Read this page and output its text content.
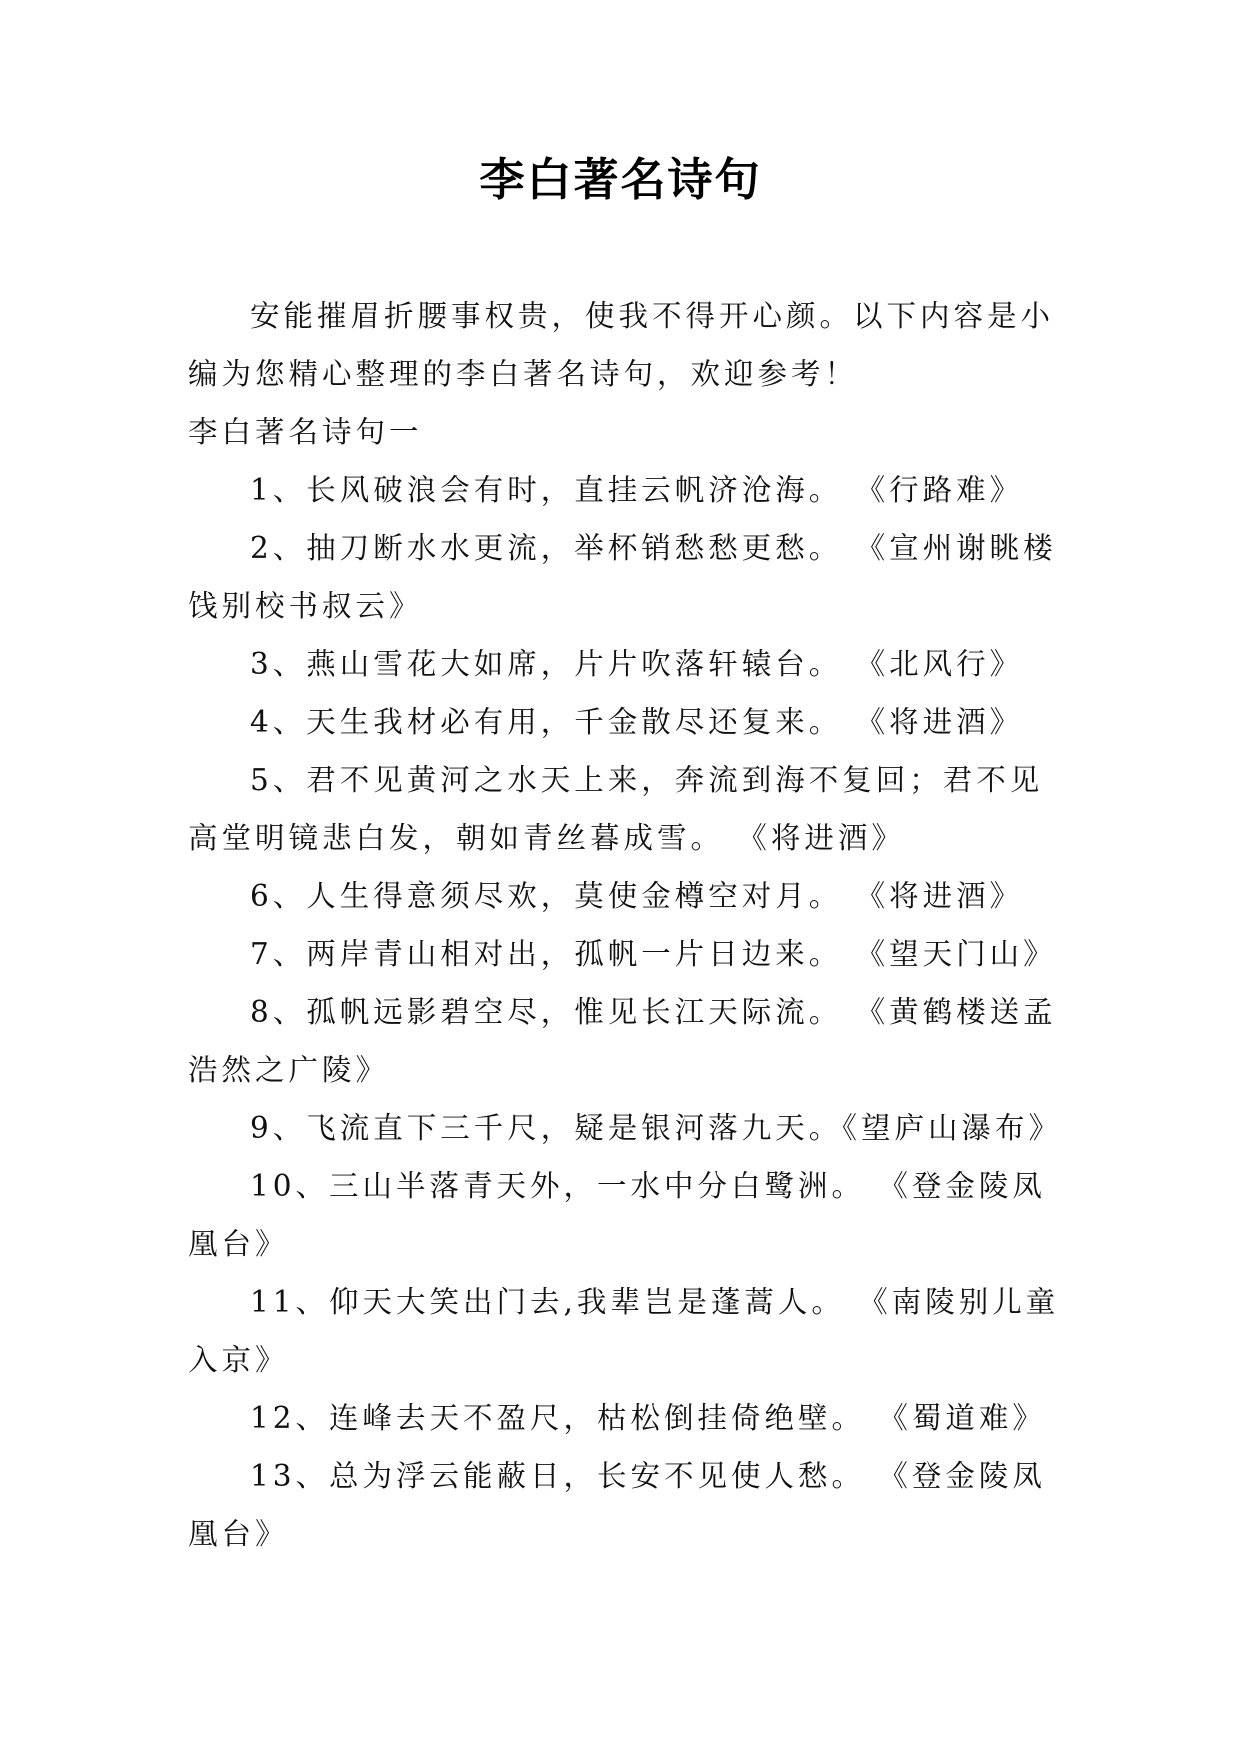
李白著名诗句

安能摧眉折腰事权贵，使我不得开心颜。以下内容是小编为您精心整理的李白著名诗句，欢迎参考！

李白著名诗句一

1、长风破浪会有时，直挂云帆济沧海。 《行路难》

2、抽刀断水水更流，举杯销愁愁更愁。 《宣州谢眺楼饯别校书叔云》

3、燕山雪花大如席，片片吹落轩辕台。 《北风行》

4、天生我材必有用，千金散尽还复来。 《将进酒》

5、君不见黄河之水天上来，奔流到海不复回；君不见高堂明镜悲白发，朝如青丝暮成雪。 《将进酒》

6、人生得意须尽欢，莫使金樽空对月。 《将进酒》

7、两岸青山相对出，孤帆一片日边来。 《望天门山》

8、孤帆远影碧空尽，惟见长江天际流。 《黄鹤楼送孟浩然之广陵》

9、飞流直下三千尺，疑是银河落九天。《望庐山瀑布》

10、三山半落青天外，一水中分白鹭洲。 《登金陵凤凰台》

11、仰天大笑出门去,我辈岂是蓬蒿人。 《南陵别儿童入京》

12、连峰去天不盈尺，枯松倒挂倚绝壁。 《蜀道难》

13、总为浮云能蔽日，长安不见使人愁。 《登金陵凤凰台》
